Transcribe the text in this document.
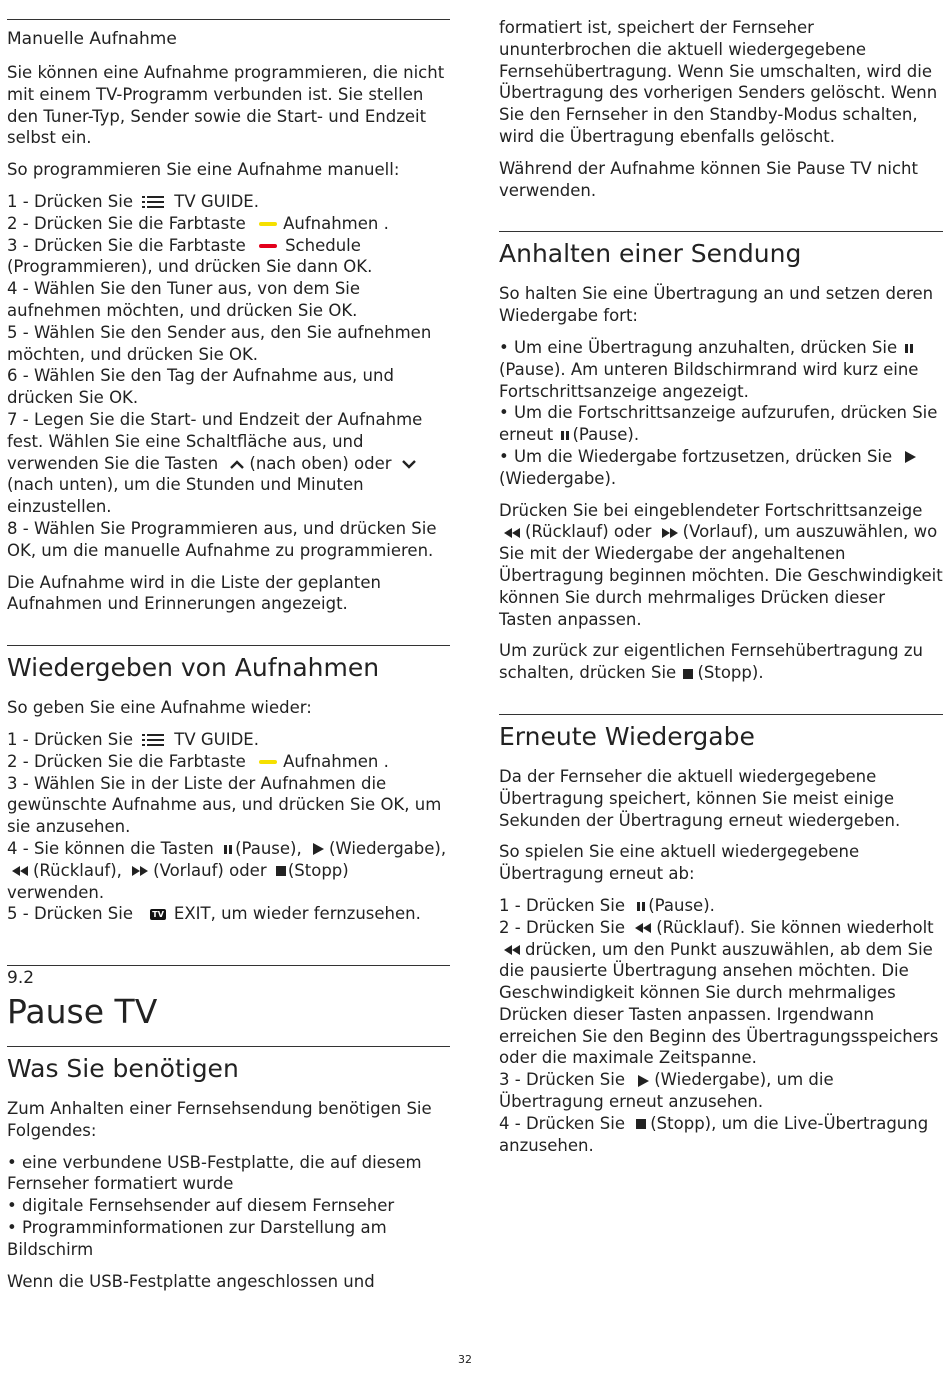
Manuelle Aufnahme

Sie können eine Aufnahme programmieren, die nicht mit einem TV-Programm verbunden ist. Sie stellen den Tuner-Typ, Sender sowie die Start- und Endzeit selbst ein.

So programmieren Sie eine Aufnahme manuell:

1 - Drücken Sie TV GUIDE.
2 - Drücken Sie die Farbtaste Aufnahmen .
3 - Drücken Sie die Farbtaste Schedule
(Programmieren), und drücken Sie dann OK.
4 - Wählen Sie den Tuner aus, von dem Sie aufnehmen möchten, und drücken Sie OK.
5 - Wählen Sie den Sender aus, den Sie aufnehmen möchten, und drücken Sie OK.
6 - Wählen Sie den Tag der Aufnahme aus, und drücken Sie OK.
7 - Legen Sie die Start- und Endzeit der Aufnahme fest. Wählen Sie eine Schaltfläche aus, und verwenden Sie die Tasten (nach oben) oder (nach unten), um die Stunden und Minuten einzustellen.

8 - Wählen Sie Programmieren aus, und drücken Sie OK, um die manuelle Aufnahme zu programmieren.

Die Aufnahme wird in die Liste der geplanten Aufnahmen und Erinnerungen angezeigt.

Wiedergeben von Aufnahmen

So geben Sie eine Aufnahme wieder:

1 - Drücken Sie TV GUIDE.
2 - Drücken Sie die Farbtaste Aufnahmen .
3 - Wählen Sie in der Liste der Aufnahmen die gewünschte Aufnahme aus, und drücken Sie OK, um sie anzusehen.
4 - Sie können die Tasten (Pause), (Wiedergabe), (Rücklauf), (Vorlauf) oder (Stopp) verwenden.
5 - Drücken Sie TV EXIT, um wieder fernzusehen.
9.2
Pause TV
Was Sie benötigen

Zum Anhalten einer Fernsehsendung benötigen Sie Folgendes:

• eine verbundene USB-Festplatte, die auf diesem Fernseher formatiert wurde
• digitale Fernsehsender auf diesem Fernseher

• Programminformationen zur Darstellung am Bildschirm

Wenn die USB-Festplatte angeschlossen und

formatiert ist, speichert der Fernseher ununterbrochen die aktuell wiedergegebene Fernsehübertragung. Wenn Sie umschalten, wird die Übertragung des vorherigen Senders gelöscht. Wenn Sie den Fernseher in den Standby-Modus schalten, wird die Übertragung ebenfalls gelöscht.

Während der Aufnahme können Sie Pause TV nicht verwenden.

Anhalten einer Sendung

So halten Sie eine Übertragung an und setzen deren Wiedergabe fort:

• Um eine Übertragung anzuhalten, drücken Sie  (Pause). Am unteren Bildschirmrand wird kurz eine Fortschrittsanzeige angezeigt.
• Um die Fortschrittsanzeige aufzurufen, drücken Sie erneut (Pause).

• Um die Wiedergabe fortzusetzen, drücken Sie (Wiedergabe).

Drücken Sie bei eingeblendeter Fortschrittsanzeige (Rücklauf) oder (Vorlauf), um auszuwählen, wo Sie mit der Wiedergabe der angehaltenen Übertragung beginnen möchten. Die Geschwindigkeit können Sie durch mehrmaliges Drücken dieser Tasten anpassen.

Um zurück zur eigentlichen Fernsehübertragung zu schalten, drücken Sie (Stopp).

Erneute Wiedergabe

Da der Fernseher die aktuell wiedergegebene Übertragung speichert, können Sie meist einige Sekunden der Übertragung erneut wiedergeben.

So spielen Sie eine aktuell wiedergegebene Übertragung erneut ab:

1 - Drücken Sie (Pause).
2 - Drücken Sie (Rücklauf). Sie können wiederholt drücken, um den Punkt auszuwählen, ab dem Sie die pausierte Übertragung ansehen möchten. Die Geschwindigkeit können Sie durch mehrmaliges Drücken dieser Tasten anpassen. Irgendwann erreichen Sie den Beginn des Übertragungsspeichers oder die maximale Zeitspanne.
3 - Drücken Sie (Wiedergabe), um die Übertragung erneut anzusehen.
4 - Drücken Sie (Stopp), um die Live-Übertragung anzusehen.
32
